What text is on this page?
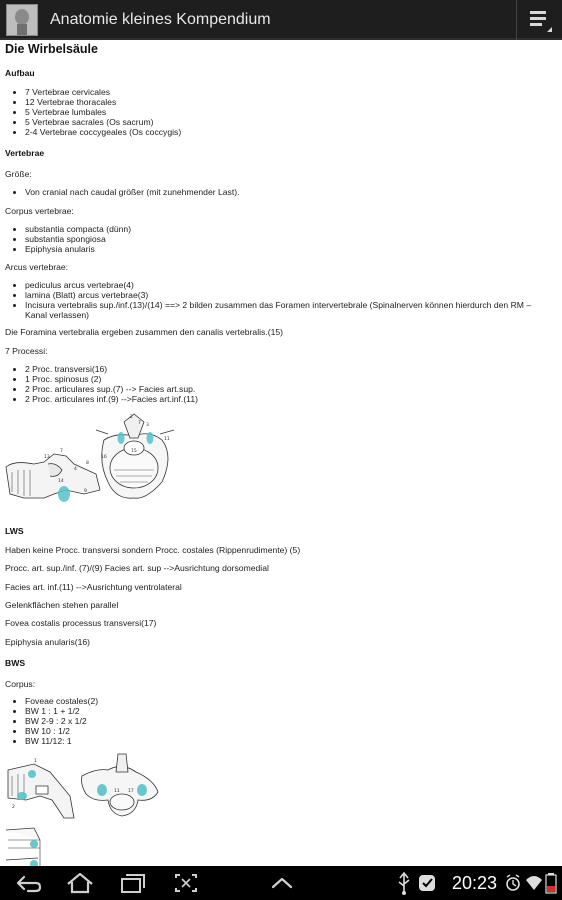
Anatomie kleines Kompendium
Die Wirbelsäule
Aufbau
• 7 Vertebrae cervicales
• 12 Vertebrae thoracales
• 5 Vertebrae lumbales
• 5 Vertebrae sacrales (Os sacrum)
• 2-4 Vertebrae coccygeales (Os coccygis)
Vertebrae

Größe:

• Von cranial nach caudal größer (mit zunehmender Last).

Corpus vertebrae:

• substantia compacta (dünn)
• substantia spongiosa
• Epiphysia anularis

Arcus vertebrae:

• pediculus arcus vertebrae(4)
• lamina (Blatt) arcus vertebrae(3)
• Incisura vertebralis sup./inf.(13)/(14) ==> 2 bilden zusammen das Foramen intervertebrale (Spinalnerven können hierdurch den RM – Kanal verlassen)

Die Foramina vertebralia ergeben zusammen den canalis vertebralis.(15)

7 Processi:

• 2 Proc. transversi(16)
• 1 Proc. spinosus (2)
• 2 Proc. articulares sup.(7) --> Facies art.sup.
• 2 Proc. articulares inf.(9) -->Facies art.inf.(11)
13
8
7
4
9
14
7 3
2
11
16
15
LWS

Haben keine Procc. transversi sondern Procc. costales (Rippenrudimente) (5)

Procc. art. sup./inf. (7)/(9) Facies art. sup -->Ausrichtung dorsomedial

Facies art. inf.(11) -->Ausrichtung ventrolateral

Gelenkflächen stehen parallel

Fovea costalis processus transversi(17)

Epiphysia anularis(16)

BWS

Corpus:

• Foveae costales(2)
• BW 1 : 1 + 1/2
• BW 2-9 : 2 x 1/2
• BW 10 : 1/2
• BW 11/12: 1
1
2
11 17
20:23
